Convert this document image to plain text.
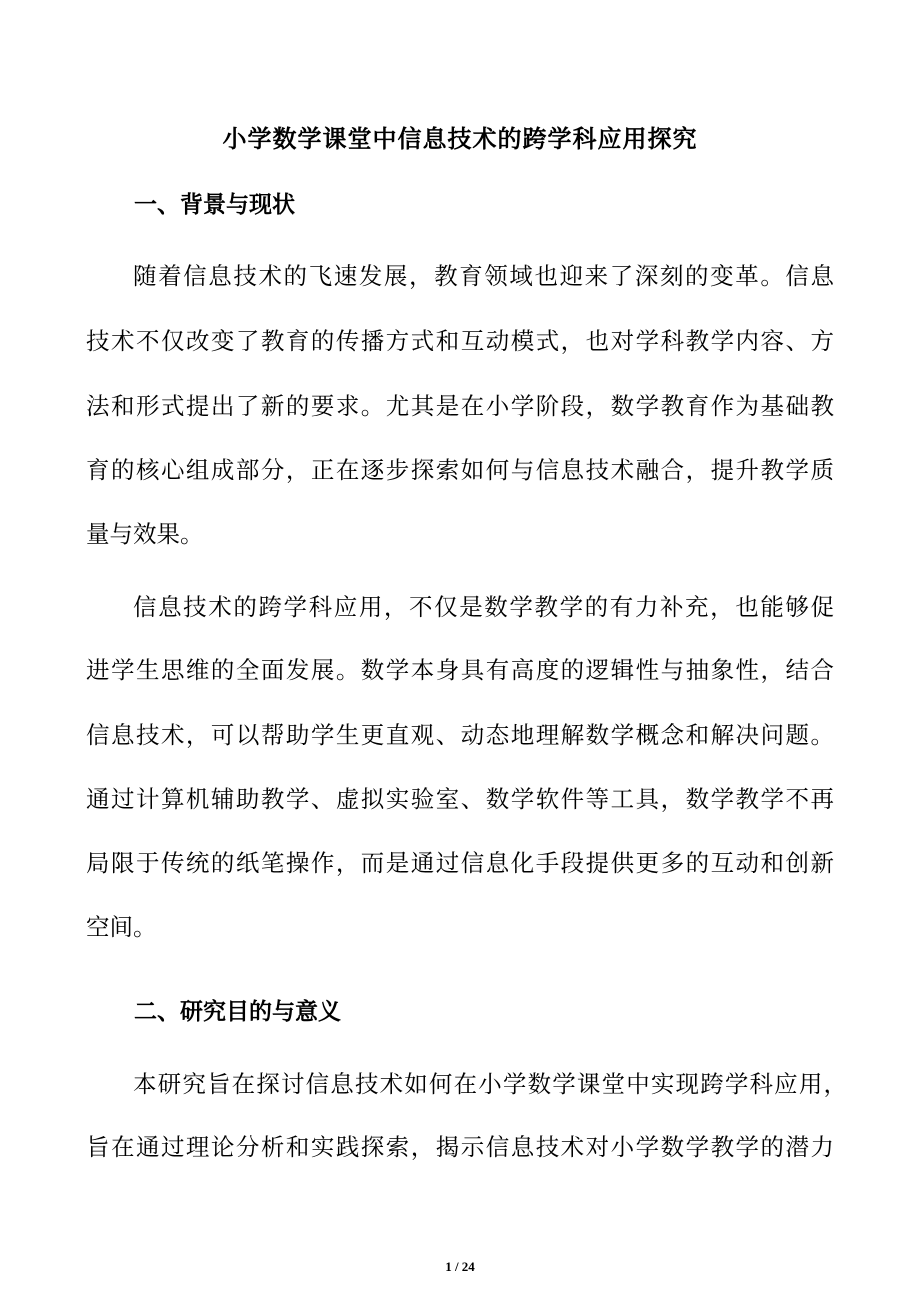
小学数学课堂中信息技术的跨学科应用探究
一、背景与现状
随着信息技术的飞速发展，教育领域也迎来了深刻的变革。信息
技术不仅改变了教育的传播方式和互动模式，也对学科教学内容、方
法和形式提出了新的要求。尤其是在小学阶段，数学教育作为基础教
育的核心组成部分，正在逐步探索如何与信息技术融合，提升教学质
量与效果。
信息技术的跨学科应用，不仅是数学教学的有力补充，也能够促
进学生思维的全面发展。数学本身具有高度的逻辑性与抽象性，结合
信息技术，可以帮助学生更直观、动态地理解数学概念和解决问题。
通过计算机辅助教学、虚拟实验室、数学软件等工具，数学教学不再
局限于传统的纸笔操作，而是通过信息化手段提供更多的互动和创新
空间。
二、研究目的与意义
本研究旨在探讨信息技术如何在小学数学课堂中实现跨学科应用，
旨在通过理论分析和实践探索，揭示信息技术对小学数学教学的潜力
1 / 24
